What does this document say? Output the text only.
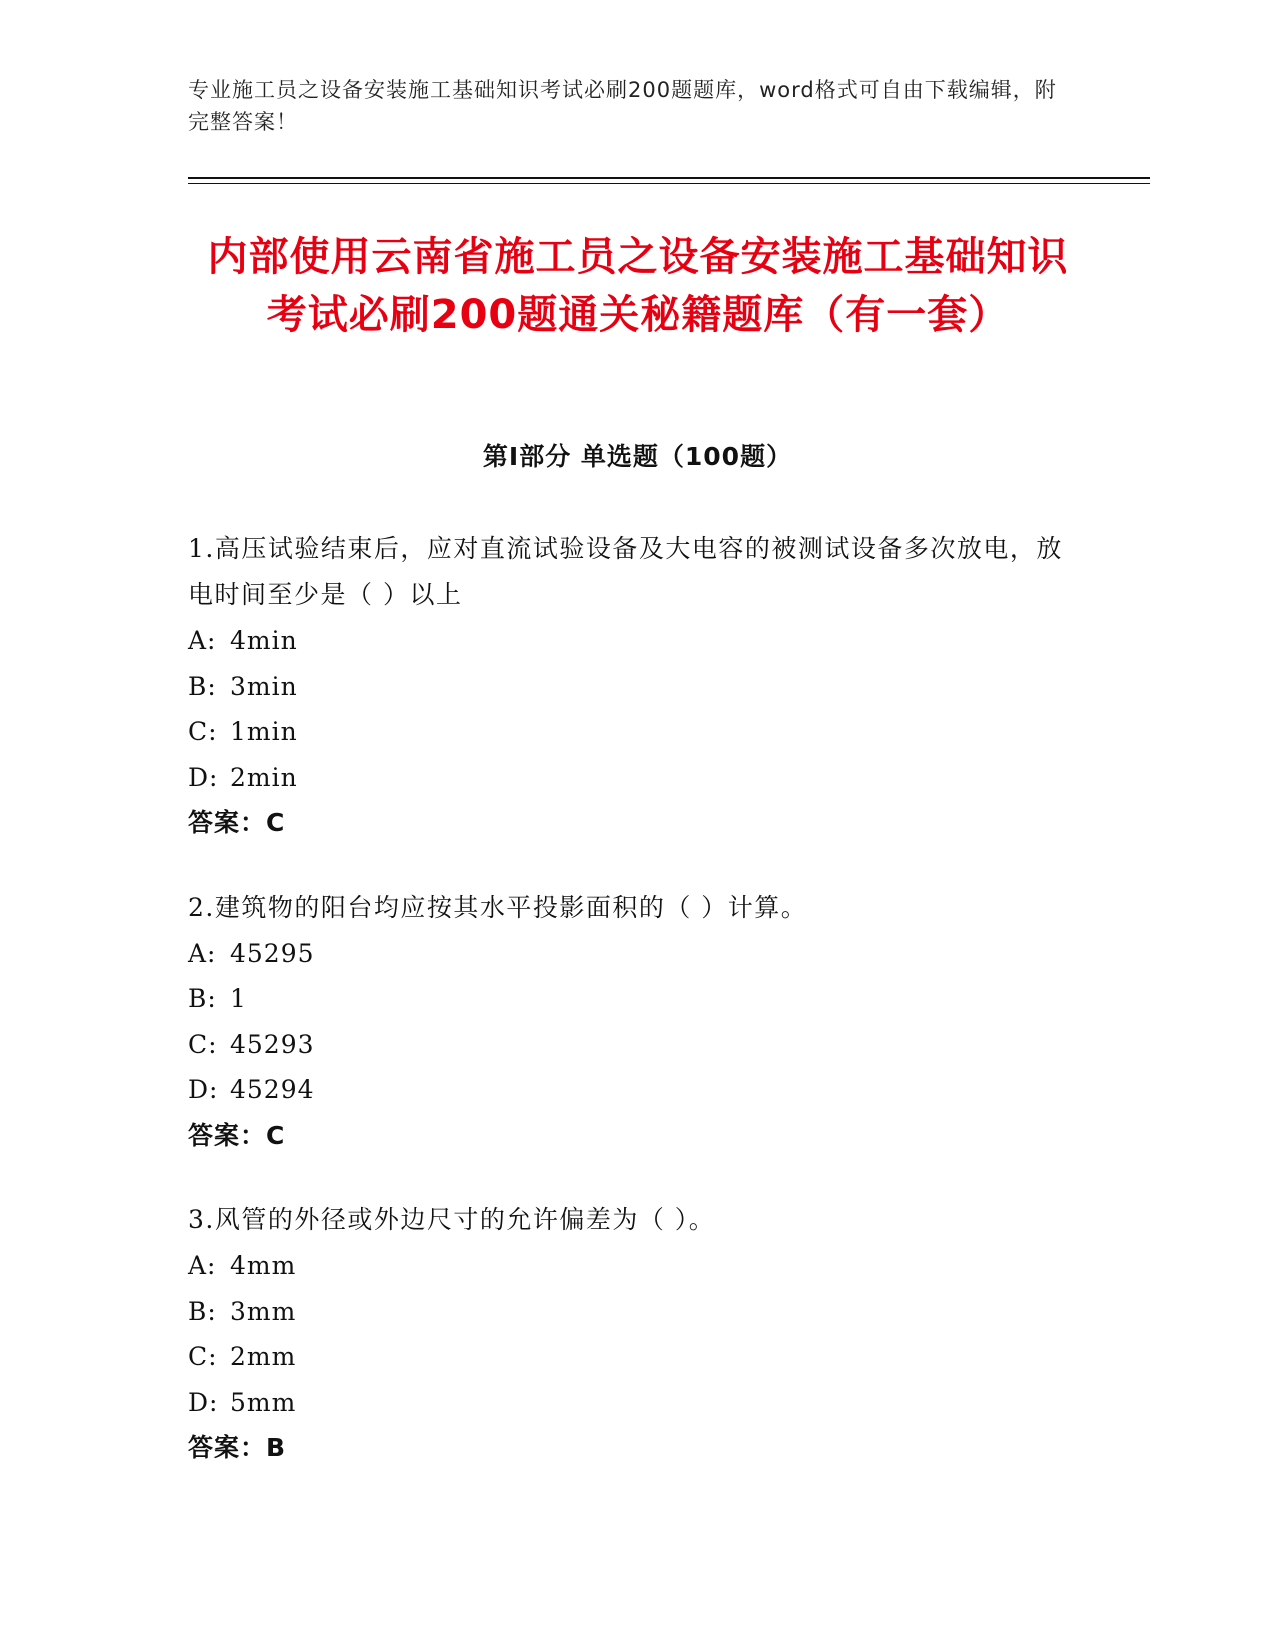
专业施工员之设备安装施工基础知识考试必刷200题题库，word格式可自由下载编辑，附完整答案！
内部使用云南省施工员之设备安装施工基础知识考试必刷200题通关秘籍题库（有一套）
第Ⅰ部分 单选题（100题）
1.高压试验结束后，应对直流试验设备及大电容的被测试设备多次放电，放电时间至少是（ ）以上
A: 4min
B: 3min
C: 1min
D: 2min
答案：C
2.建筑物的阳台均应按其水平投影面积的（ ）计算。
A: 45295
B: 1
C: 45293
D: 45294
答案：C
3.风管的外径或外边尺寸的允许偏差为（ ）。
A: 4mm
B: 3mm
C: 2mm
D: 5mm
答案：B
